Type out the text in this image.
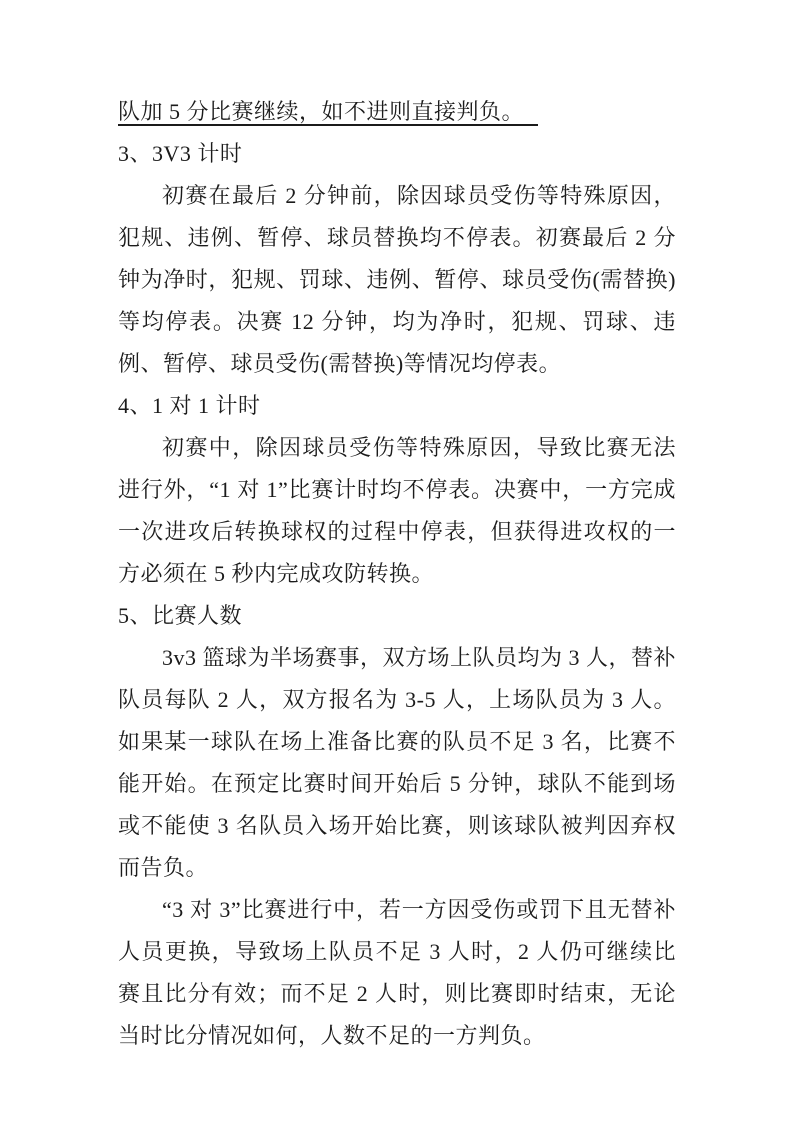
队加 5 分比赛继续，如不进则直接判负。

3、3V3 计时

初赛在最后 2 分钟前，除因球员受伤等特殊原因，犯规、违例、暂停、球员替换均不停表。初赛最后 2 分钟为净时，犯规、罚球、违例、暂停、球员受伤(需替换)等均停表。决赛 12 分钟，均为净时，犯规、罚球、违例、暂停、球员受伤(需替换)等情况均停表。

4、1 对 1 计时

初赛中，除因球员受伤等特殊原因，导致比赛无法进行外，“1 对 1”比赛计时均不停表。决赛中，一方完成一次进攻后转换球权的过程中停表，但获得进攻权的一方必须在 5 秒内完成攻防转换。

5、比赛人数

3v3 篮球为半场赛事，双方场上队员均为 3 人，替补队员每队 2 人，双方报名为 3-5 人，上场队员为 3 人。如果某一球队在场上准备比赛的队员不足 3 名，比赛不能开始。在预定比赛时间开始后 5 分钟，球队不能到场或不能使 3 名队员入场开始比赛，则该球队被判因弃权而告负。

“3 对 3”比赛进行中，若一方因受伤或罚下且无替补人员更换，导致场上队员不足 3 人时，2 人仍可继续比赛且比分有效；而不足 2 人时，则比赛即时结束，无论当时比分情况如何，人数不足的一方判负。
